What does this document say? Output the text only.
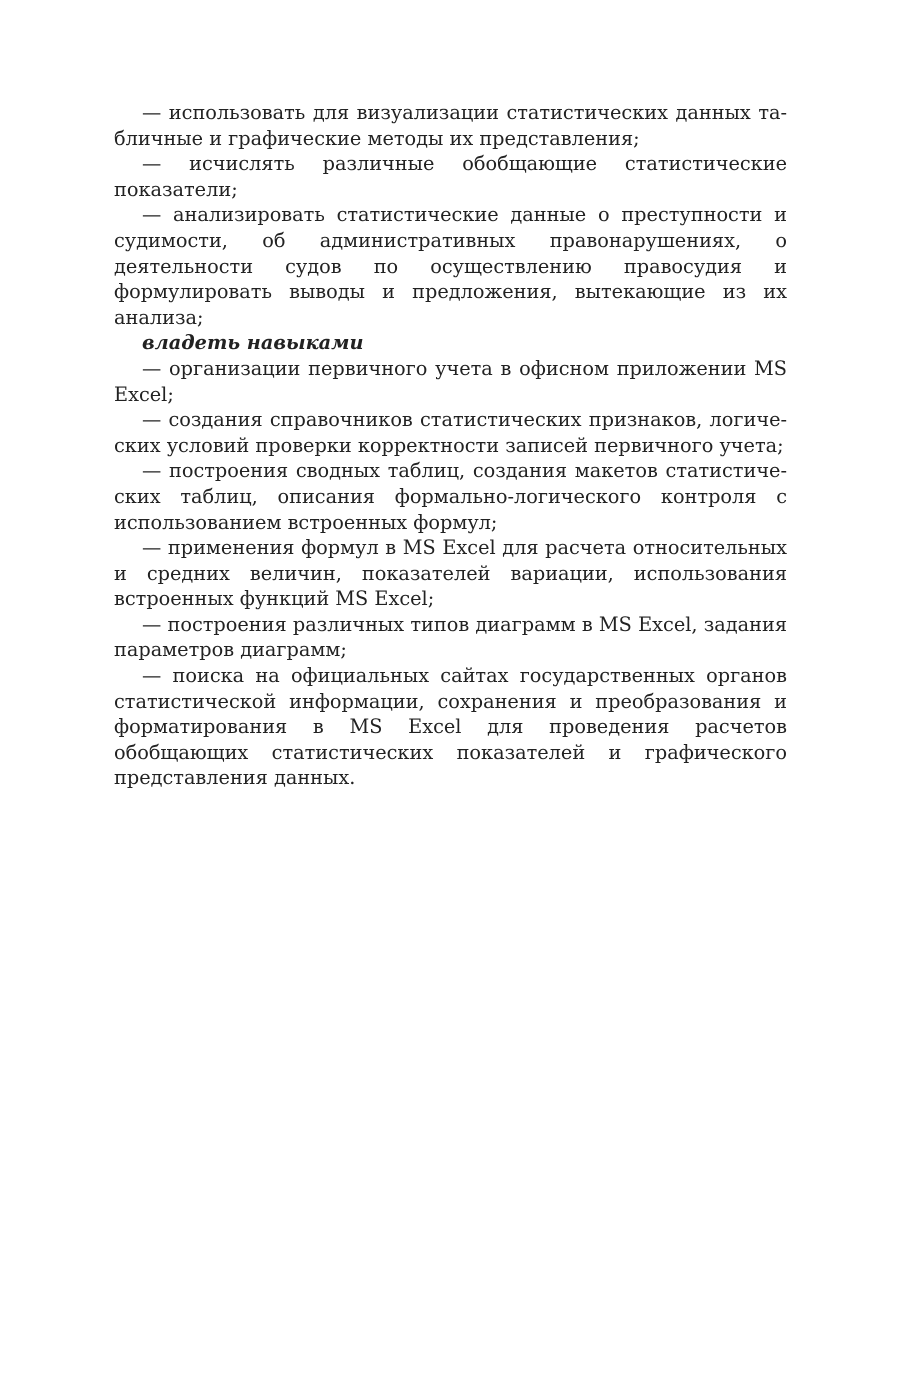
— использовать для визуализации статистических данных табличные и графические методы их представления;

— исчислять различные обобщающие статистические показатели;

— анализировать статистические данные о преступности и судимости, об административных правонарушениях, о деятельности судов по осуществлению правосудия и формулировать выводы и предложения, вытекающие из их анализа;

владеть навыками

— организации первичного учета в офисном приложении MS Excel;

— создания справочников статистических признаков, логических условий проверки корректности записей первичного учета;

— построения сводных таблиц, создания макетов статистических таблиц, описания формально-логического контроля с использованием встроенных формул;

— применения формул в MS Excel для расчета относительных и средних величин, показателей вариации, использования встроенных функций MS Excel;

— построения различных типов диаграмм в MS Excel, задания параметров диаграмм;

— поиска на официальных сайтах государственных органов статистической информации, сохранения и преобразования и форматирования в MS Excel для проведения расчетов обобщающих статистических показателей и графического представления данных.
